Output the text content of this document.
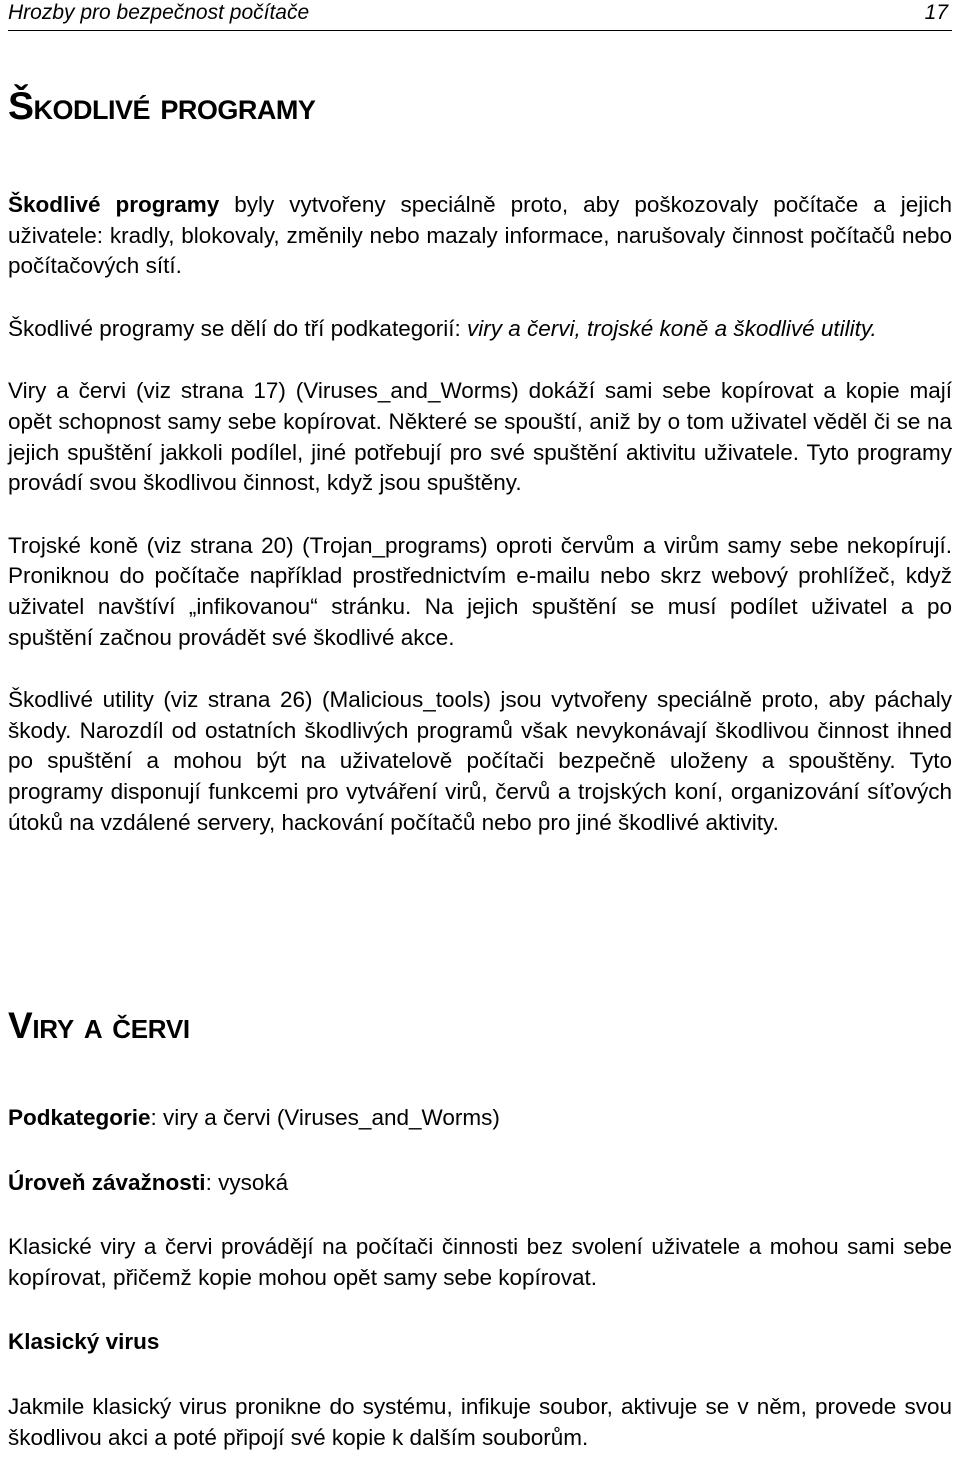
Hrozby pro bezpečnost počítače	17
Škodlivé programy

Škodlivé programy byly vytvořeny speciálně proto, aby poškozovaly počítače a jejich uživatele: kradly, blokovaly, změnily nebo mazaly informace, narušovaly činnost počítačů nebo počítačových sítí.

Škodlivé programy se dělí do tří podkategorií: viry a červi, trojské koně a škodlivé utility.

Viry a červi (viz strana 17) (Viruses_and_Worms) dokáží sami sebe kopírovat a kopie mají opět schopnost samy sebe kopírovat. Některé se spouští, aniž by o tom uživatel věděl či se na jejich spuštění jakkoli podílel, jiné potřebují pro své spuštění aktivitu uživatele. Tyto programy provádí svou škodlivou činnost, když jsou spuštěny.

Trojské koně (viz strana 20) (Trojan_programs) oproti červům a virům samy sebe nekopírují. Proniknou do počítače například prostřednictvím e-mailu nebo skrz webový prohlížeč, když uživatel navštíví „infikovanou“ stránku. Na jejich spuštění se musí podílet uživatel a po spuštění začnou provádět své škodlivé akce.

Škodlivé utility (viz strana 26) (Malicious_tools) jsou vytvořeny speciálně proto, aby páchaly škody. Narozdíl od ostatních škodlivých programů však nevykonávají škodlivou činnost ihned po spuštění a mohou být na uživatelově počítači bezpečně uloženy a spouštěny. Tyto programy disponují funkcemi pro vytváření virů, červů a trojských koní, organizování síťových útoků na vzdálené servery, hackování počítačů nebo pro jiné škodlivé aktivity.

Viry a červi

Podkategorie: viry a červi (Viruses_and_Worms)

Úroveň závažnosti: vysoká

Klasické viry a červi provádějí na počítači činnosti bez svolení uživatele a mohou sami sebe kopírovat, přičemž kopie mohou opět samy sebe kopírovat.

Klasický virus

Jakmile klasický virus pronikne do systému, infikuje soubor, aktivuje se v něm, provede svou škodlivou akci a poté připojí své kopie k dalším souborům.
